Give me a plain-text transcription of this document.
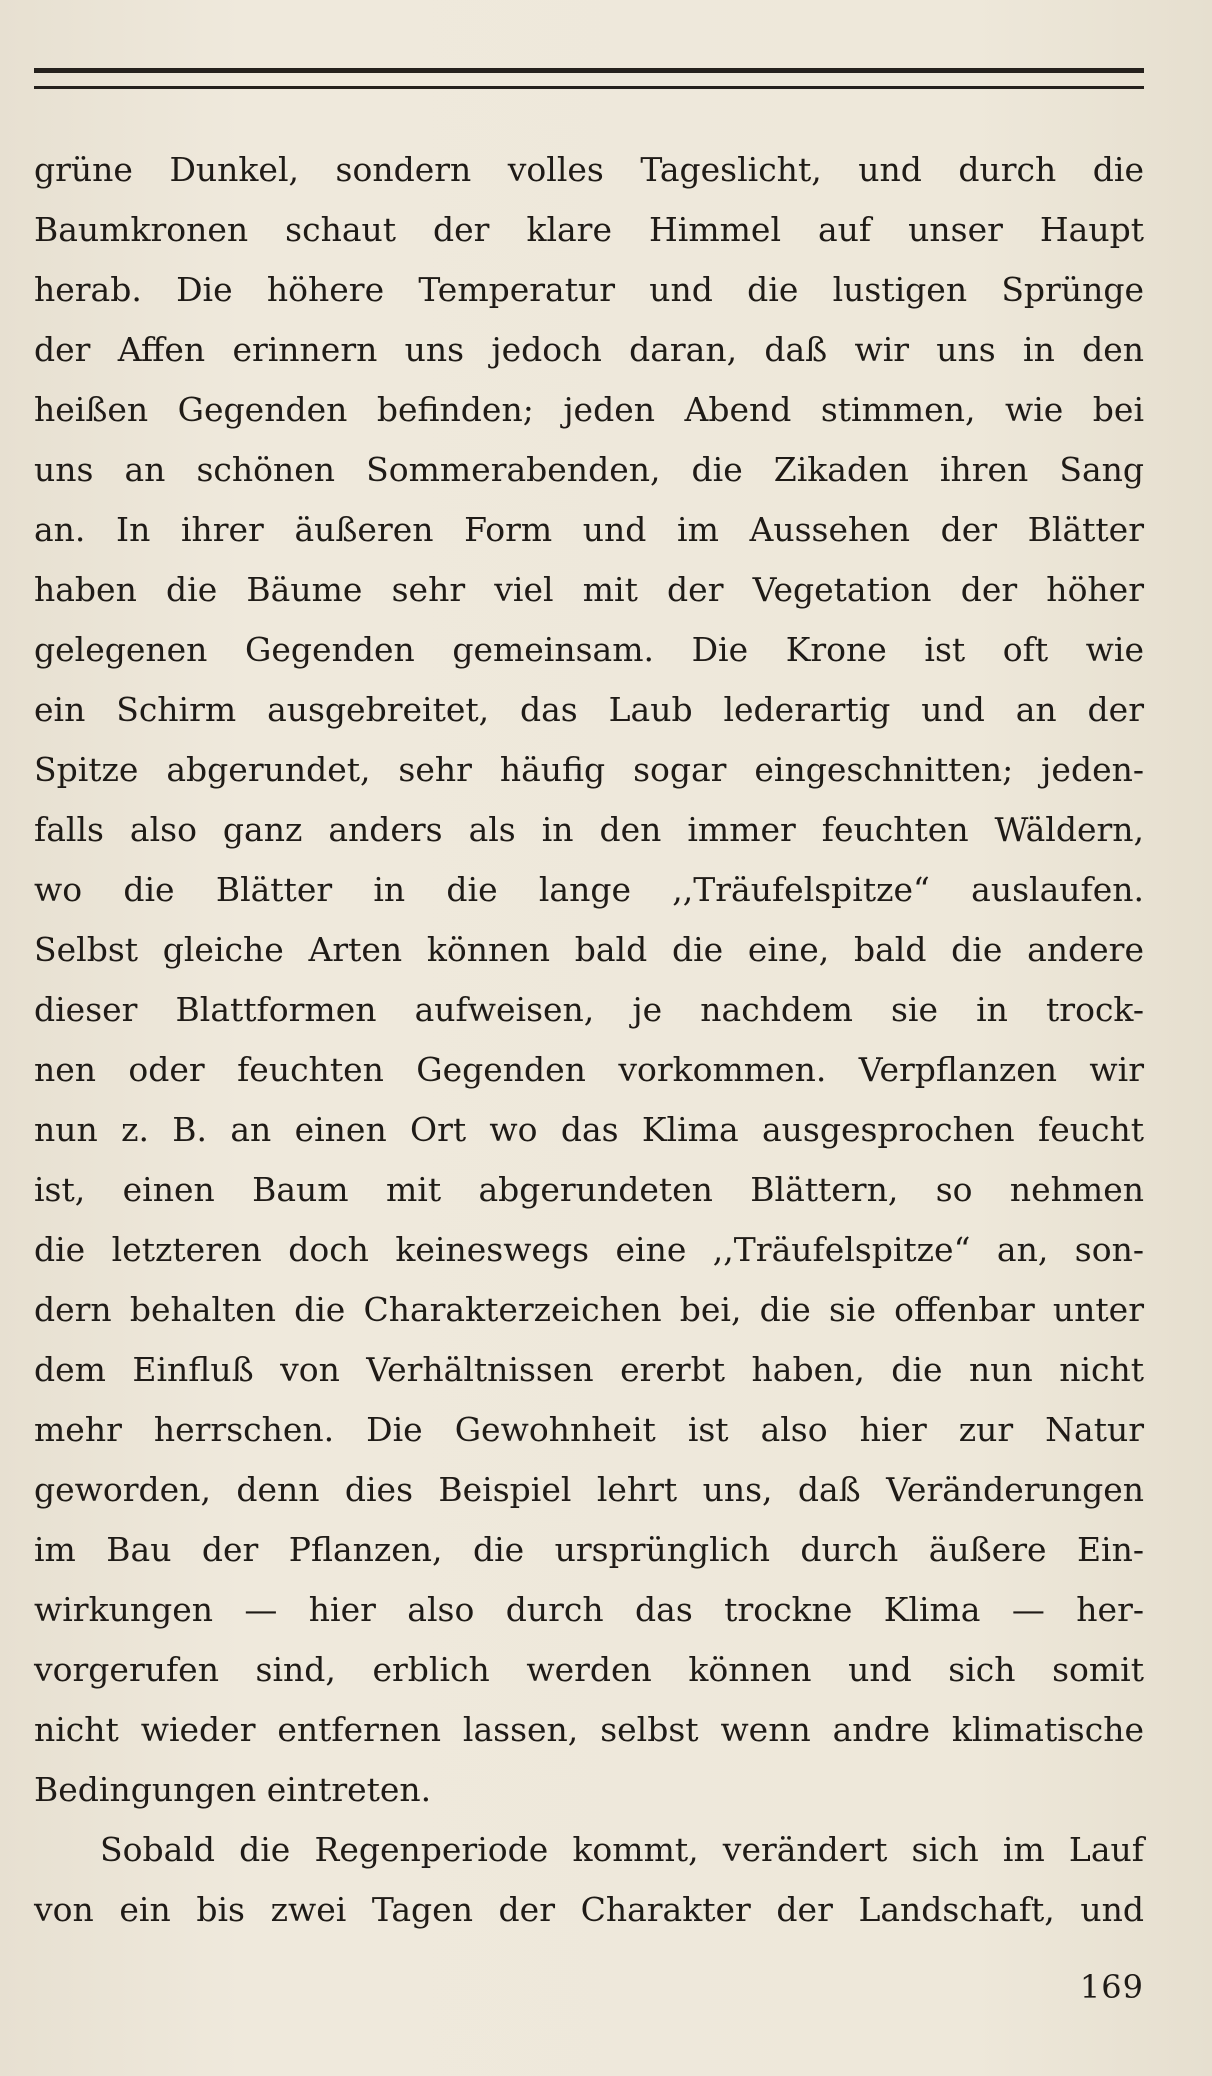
grüne Dunkel, sondern volles Tageslicht, und durch die
Baumkronen schaut der klare Himmel auf unser Haupt
herab. Die höhere Temperatur und die lustigen Sprünge
der Affen erinnern uns jedoch daran, daß wir uns in den
heißen Gegenden befinden; jeden Abend stimmen, wie bei
uns an schönen Sommerabenden, die Zikaden ihren Sang
an. In ihrer äußeren Form und im Aussehen der Blätter
haben die Bäume sehr viel mit der Vegetation der höher
gelegenen Gegenden gemeinsam. Die Krone ist oft wie
ein Schirm ausgebreitet, das Laub lederartig und an der
Spitze abgerundet, sehr häufig sogar eingeschnitten; jeden-
falls also ganz anders als in den immer feuchten Wäldern,
wo die Blätter in die lange ,,Träufelspitze“ auslaufen.
Selbst gleiche Arten können bald die eine, bald die andere
dieser Blattformen aufweisen, je nachdem sie in trock-
nen oder feuchten Gegenden vorkommen. Verpflanzen wir
nun z. B. an einen Ort wo das Klima ausgesprochen feucht
ist, einen Baum mit abgerundeten Blättern, so nehmen
die letzteren doch keineswegs eine ,,Träufelspitze“ an, son-
dern behalten die Charakterzeichen bei, die sie offenbar unter
dem Einfluß von Verhältnissen ererbt haben, die nun nicht
mehr herrschen. Die Gewohnheit ist also hier zur Natur
geworden, denn dies Beispiel lehrt uns, daß Veränderungen
im Bau der Pflanzen, die ursprünglich durch äußere Ein-
wirkungen — hier also durch das trockne Klima — her-
vorgerufen sind, erblich werden können und sich somit
nicht wieder entfernen lassen, selbst wenn andre klimatische
Bedingungen eintreten.
Sobald die Regenperiode kommt, verändert sich im Lauf
von ein bis zwei Tagen der Charakter der Landschaft, und
169
